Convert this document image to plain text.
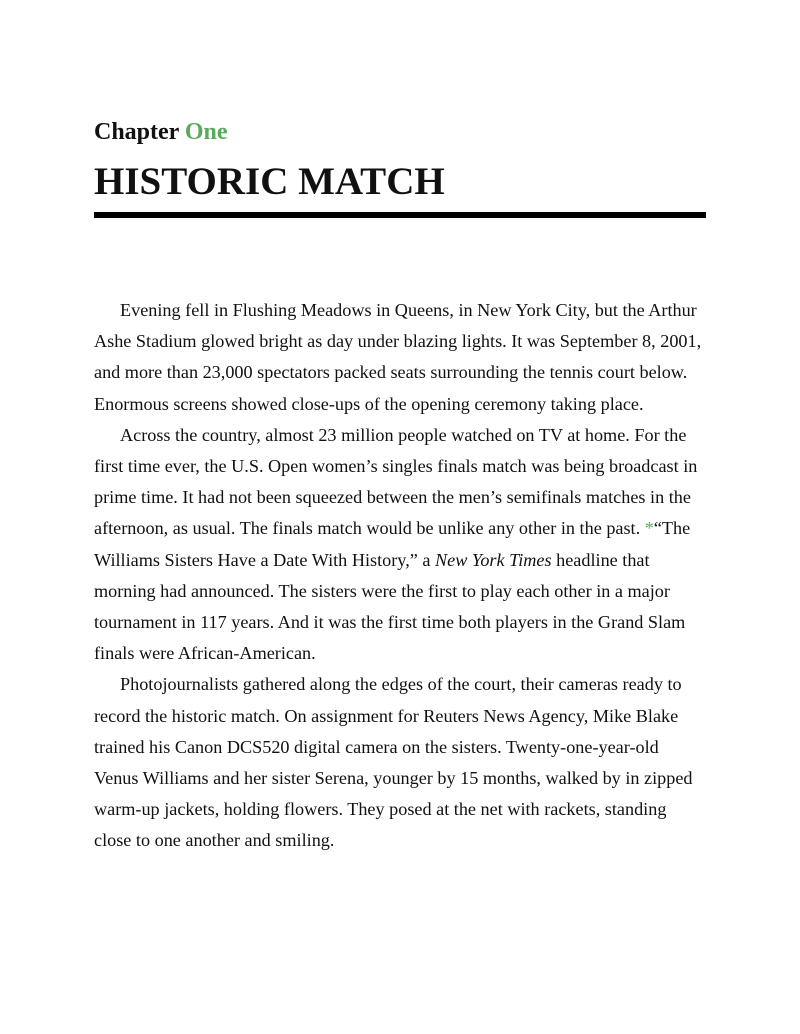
Chapter One
HISTORIC MATCH

Evening fell in Flushing Meadows in Queens, in New York City, but the Arthur Ashe Stadium glowed bright as day under blazing lights. It was September 8, 2001, and more than 23,000 spectators packed seats surrounding the tennis court below. Enormous screens showed close-ups of the opening ceremony taking place.

Across the country, almost 23 million people watched on TV at home. For the first time ever, the U.S. Open women’s singles finals match was being broadcast in prime time. It had not been squeezed between the men’s semifinals matches in the afternoon, as usual. The finals match would be unlike any other in the past. *“The Williams Sisters Have a Date With History,” a New York Times headline that morning had announced. The sisters were the first to play each other in a major tournament in 117 years. And it was the first time both players in the Grand Slam finals were African-American.

Photojournalists gathered along the edges of the court, their cameras ready to record the historic match. On assignment for Reuters News Agency, Mike Blake trained his Canon DCS520 digital camera on the sisters. Twenty-one-year-old Venus Williams and her sister Serena, younger by 15 months, walked by in zipped warm-up jackets, holding flowers. They posed at the net with rackets, standing close to one another and smiling.
